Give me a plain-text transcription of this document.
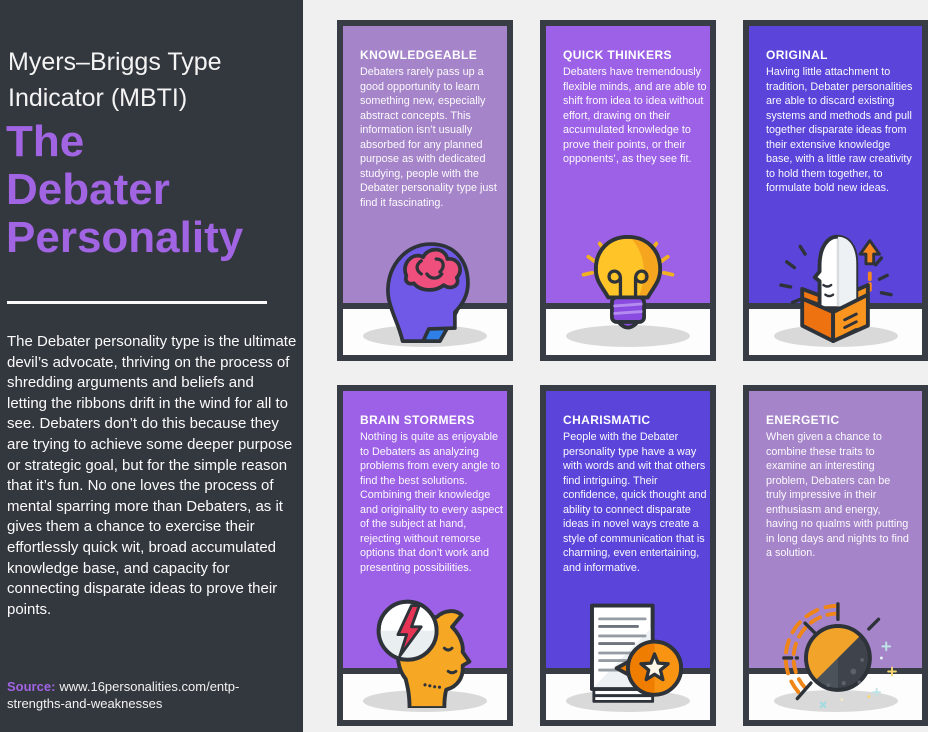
Myers–Briggs Type Indicator (MBTI)
The Debater Personality

The Debater personality type is the ultimate devil’s advocate, thriving on the process of shredding arguments and beliefs and letting the ribbons drift in the wind for all to see. Debaters don’t do this because they are trying to achieve some deeper purpose or strategic goal, but for the simple reason that it’s fun. No one loves the process of mental sparring more than Debaters, as it gives them a chance to exercise their effortlessly quick wit, broad accumulated knowledge base, and capacity for connecting disparate ideas to prove their points.

Source: www.16personalities.com/entp-strengths-and-weaknesses
KNOWLEDGEABLE

Debaters rarely pass up a good opportunity to learn something new, especially abstract concepts. This information isn’t usually absorbed for any planned purpose as with dedicated studying, people with the Debater personality type just find it fascinating.

QUICK THINKERS

Debaters have tremendously flexible minds, and are able to shift from idea to idea without effort, drawing on their accumulated knowledge to prove their points, or their opponents’, as they see fit.

ORIGINAL

Having little attachment to tradition, Debater personalities are able to discard existing systems and methods and pull together disparate ideas from their extensive knowledge base, with a little raw creativity to hold them together, to formulate bold new ideas.

BRAIN STORMERS

Nothing is quite as enjoyable to Debaters as analyzing problems from every angle to find the best solutions. Combining their knowledge and originality to every aspect of the subject at hand, rejecting without remorse options that don’t work and presenting possibilities.

CHARISMATIC

People with the Debater personality type have a way with words and wit that others find intriguing. Their confidence, quick thought and ability to connect disparate ideas in novel ways create a style of communication that is charming, even entertaining, and informative.

ENERGETIC

When given a chance to combine these traits to examine an interesting problem, Debaters can be truly impressive in their enthusiasm and energy, having no qualms with putting in long days and nights to find a solution.
